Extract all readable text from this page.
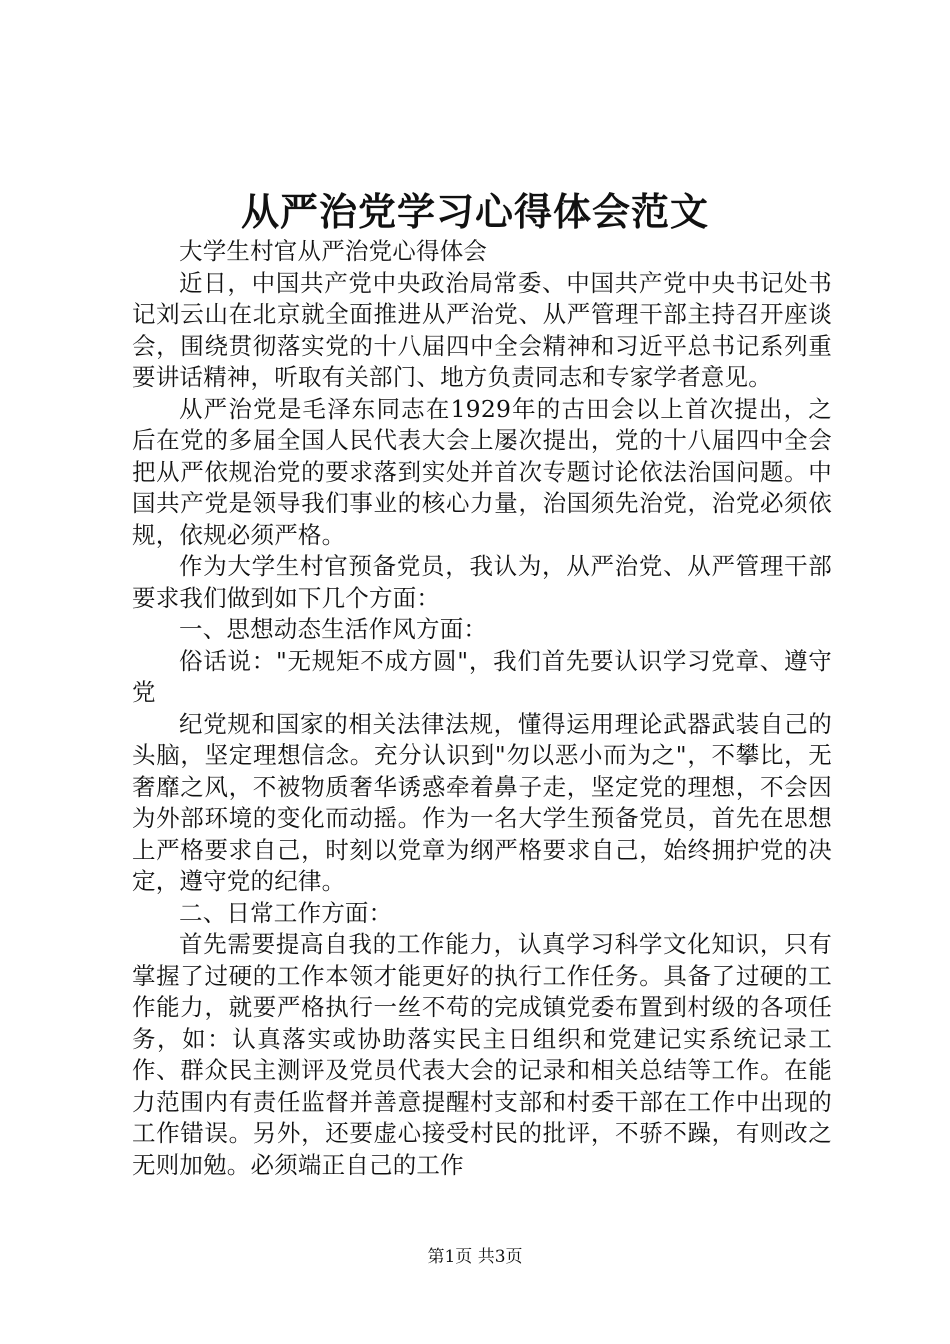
从严治党学习心得体会范文

大学生村官从严治党心得体会

近日，中国共产党中央政治局常委、中国共产党中央书记处书记刘云山在北京就全面推进从严治党、从严管理干部主持召开座谈会，围绕贯彻落实党的十八届四中全会精神和习近平总书记系列重要讲话精神，听取有关部门、地方负责同志和专家学者意见。

从严治党是毛泽东同志在1929年的古田会以上首次提出，之后在党的多届全国人民代表大会上屡次提出，党的十八届四中全会把从严依规治党的要求落到实处并首次专题讨论依法治国问题。中国共产党是领导我们事业的核心力量，治国须先治党，治党必须依规，依规必须严格。

作为大学生村官预备党员，我认为，从严治党、从严管理干部要求我们做到如下几个方面：

一、思想动态生活作风方面：

俗话说："无规矩不成方圆"，我们首先要认识学习党章、遵守党

纪党规和国家的相关法律法规，懂得运用理论武器武装自己的头脑，坚定理想信念。充分认识到"勿以恶小而为之"，不攀比，无奢靡之风，不被物质奢华诱惑牵着鼻子走，坚定党的理想，不会因为外部环境的变化而动摇。作为一名大学生预备党员，首先在思想上严格要求自己，时刻以党章为纲严格要求自己，始终拥护党的决定，遵守党的纪律。

二、日常工作方面：

首先需要提高自我的工作能力，认真学习科学文化知识，只有掌握了过硬的工作本领才能更好的执行工作任务。具备了过硬的工作能力，就要严格执行一丝不苟的完成镇党委布置到村级的各项任务，如：认真落实或协助落实民主日组织和党建记实系统记录工作、群众民主测评及党员代表大会的记录和相关总结等工作。在能力范围内有责任监督并善意提醒村支部和村委干部在工作中出现的工作错误。另外，还要虚心接受村民的批评，不骄不躁，有则改之无则加勉。必须端正自己的工作

第1页 共3页
